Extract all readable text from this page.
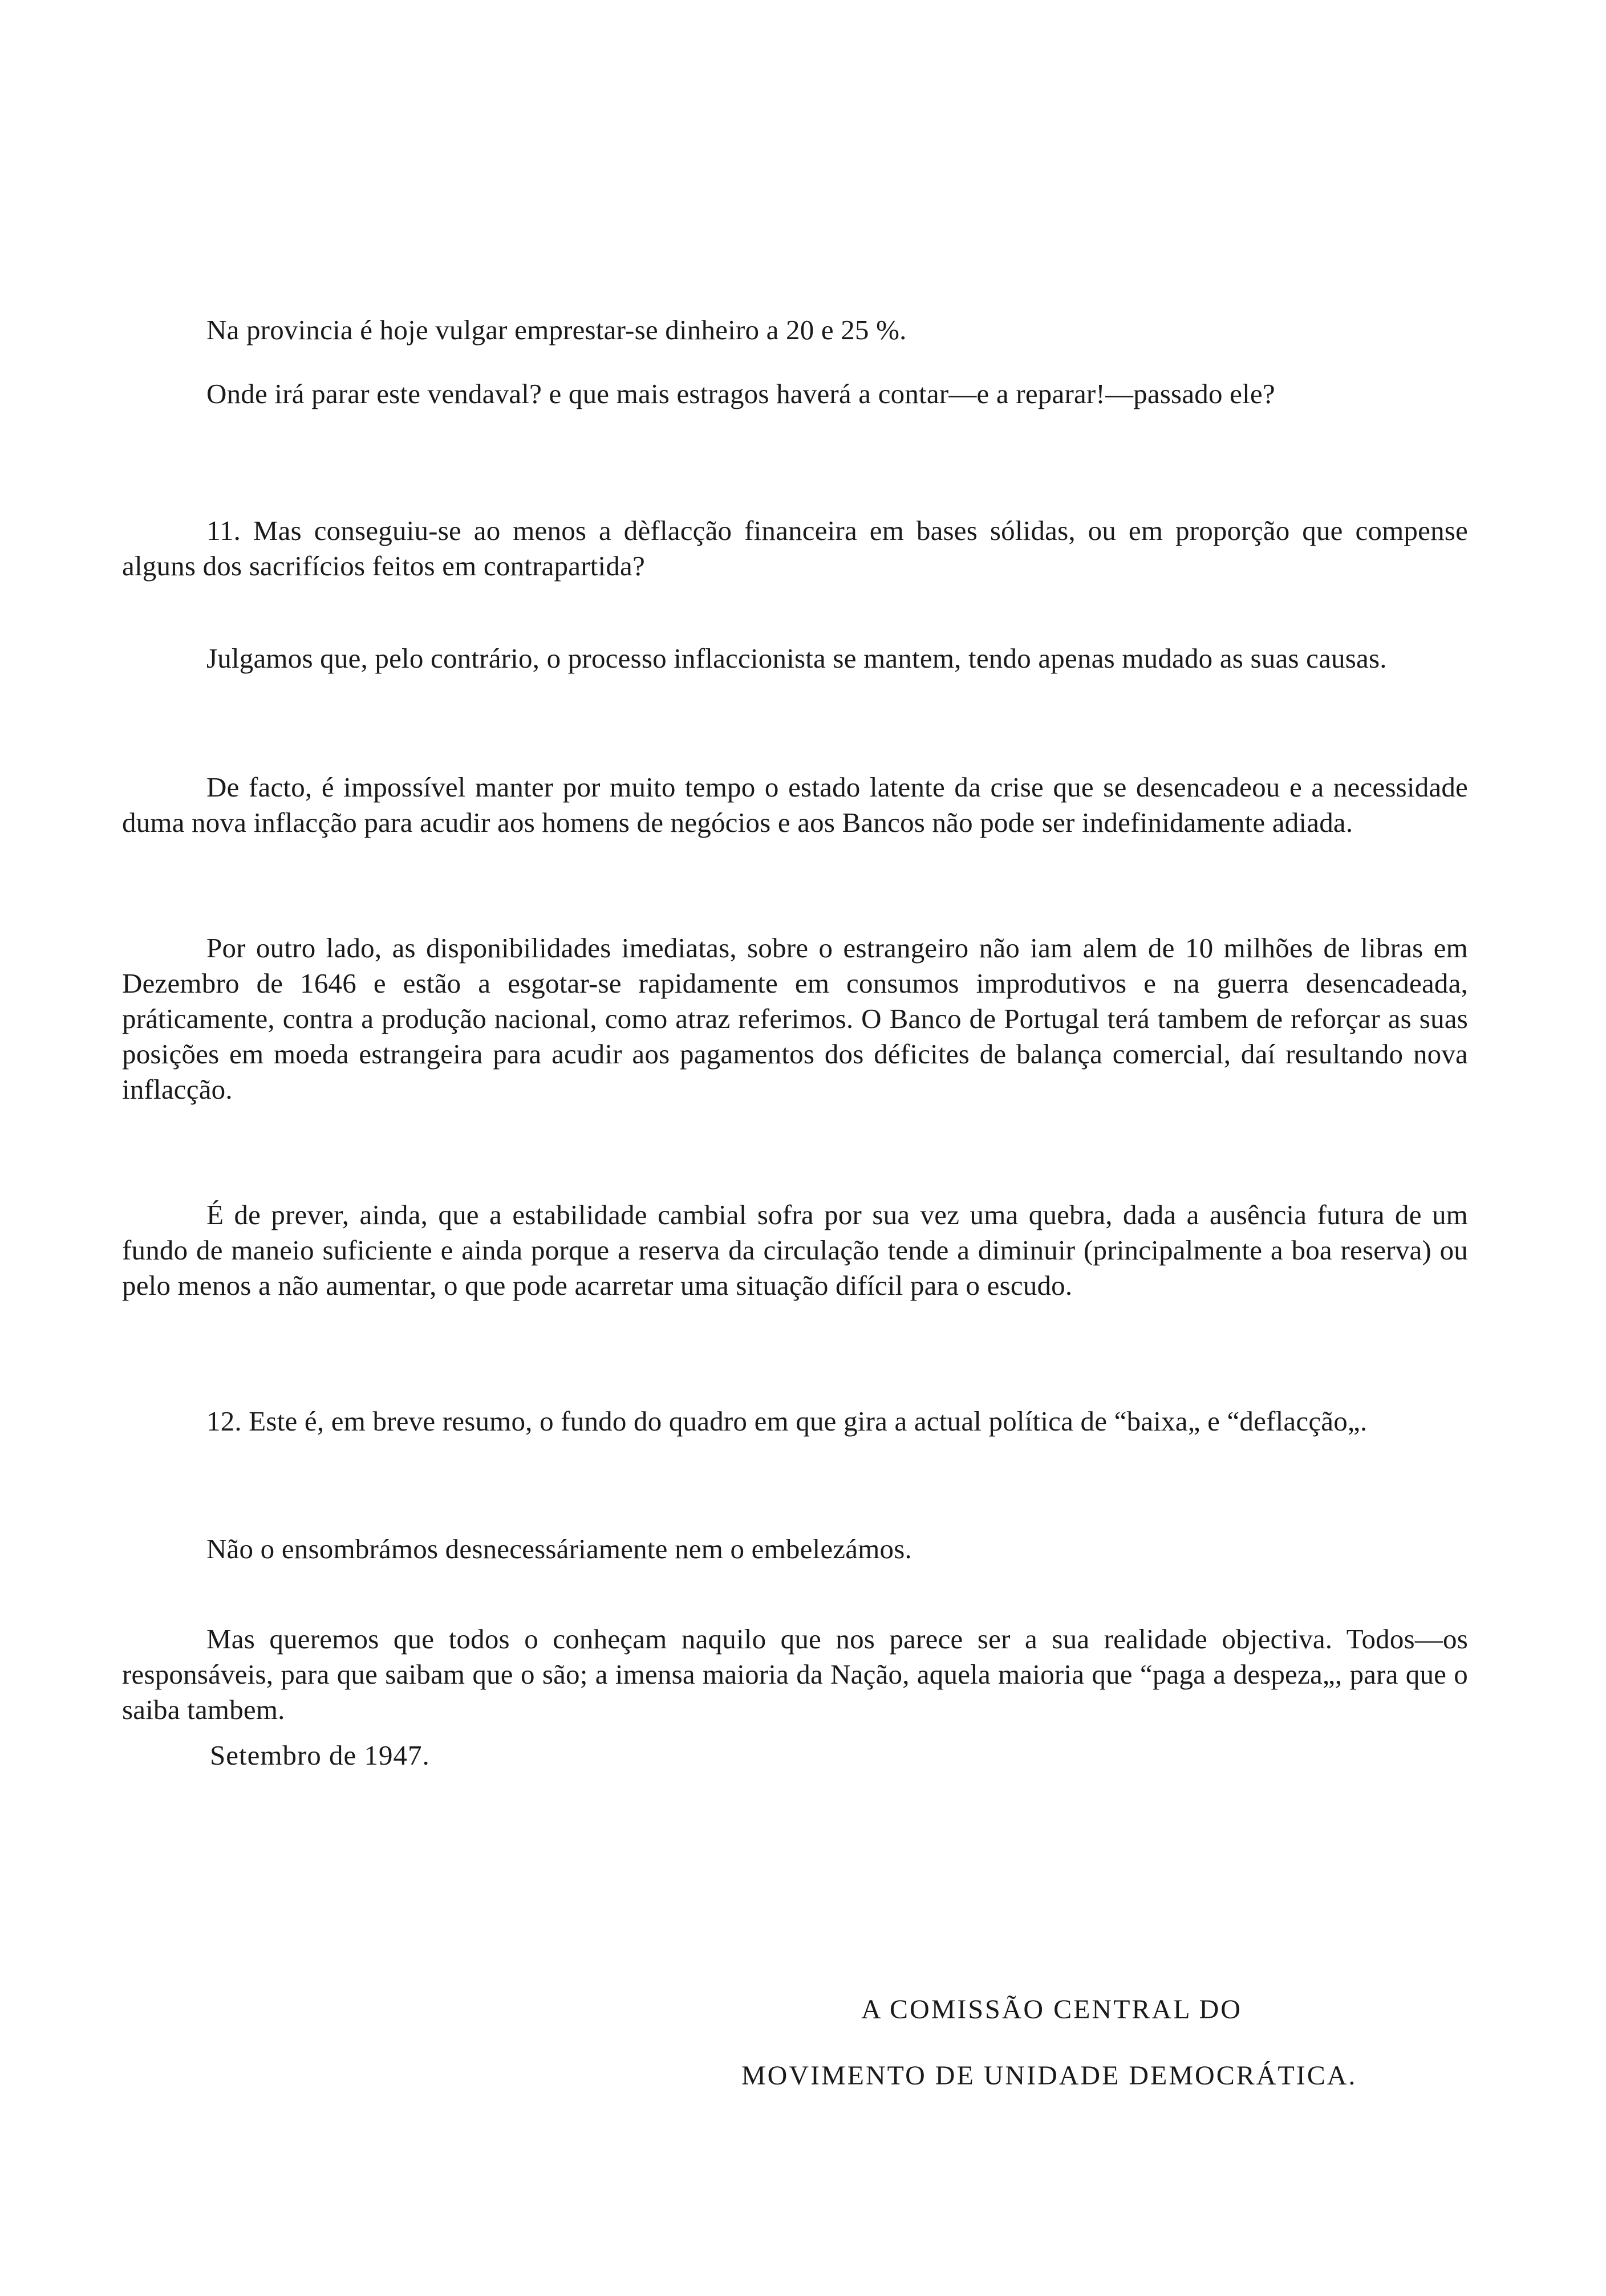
Na provincia é hoje vulgar emprestar-se dinheiro a 20 e 25 %.

Onde irá parar este vendaval? e que mais estragos haverá a contar—e a reparar!—passado ele?

11. Mas conseguiu-se ao menos a dèflacção financeira em bases sólidas, ou em proporção que compense alguns dos sacrifícios feitos em contrapartida?

Julgamos que, pelo contrário, o processo inflaccionista se mantem, tendo apenas mudado as suas causas.

De facto, é impossível manter por muito tempo o estado latente da crise que se desencadeou e a necessidade duma nova inflacção para acudir aos homens de negócios e aos Bancos não pode ser indefinidamente adiada.

Por outro lado, as disponibilidades imediatas, sobre o estrangeiro não iam alem de 10 milhões de libras em Dezembro de 1646 e estão a esgotar-se rapidamente em consumos improdutivos e na guerra desencadeada, práticamente, contra a produção nacional, como atraz referimos. O Banco de Portugal terá tambem de reforçar as suas posições em moeda estrangeira para acudir aos pagamentos dos déficites de balança comercial, daí resultando nova inflacção.

É de prever, ainda, que a estabilidade cambial sofra por sua vez uma quebra, dada a ausência futura de um fundo de maneio suficiente e ainda porque a reserva da circulação tende a diminuir (principalmente a boa reserva) ou pelo menos a não aumentar, o que pode acarretar uma situação difícil para o escudo.

12. Este é, em breve resumo, o fundo do quadro em que gira a actual política de “baixa„ e “deflacção„.

Não o ensombrámos desnecessáriamente nem o embelezámos.

Mas queremos que todos o conheçam naquilo que nos parece ser a sua realidade objectiva. Todos—os responsáveis, para que saibam que o são; a imensa maioria da Nação, aquela maioria que “paga a despeza„, para que o saiba tambem.

Setembro de 1947.

A COMISSÃO CENTRAL DO

MOVIMENTO DE UNIDADE DEMOCRÁTICA.
